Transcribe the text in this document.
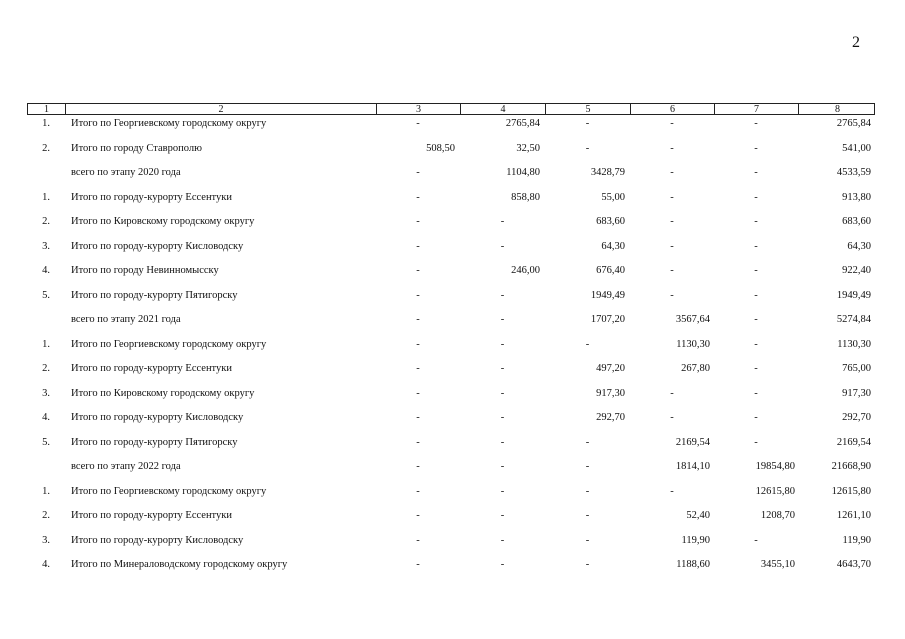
2
1	2	3	4	5	6	7	8
1.	Итого по Георгиевскому городскому округу	-	2765,84	-	-	-	2765,84
2.	Итого по городу Ставрополю	508,50	32,50	-	-	-	541,00
всего по этапу 2020 года	-	1104,80	3428,79	-	-	4533,59
1.	Итого по городу-курорту Ессентуки	-	858,80	55,00	-	-	913,80
2.	Итого по Кировскому городскому округу	-	-	683,60	-	-	683,60
3.	Итого по городу-курорту Кисловодску	-	-	64,30	-	-	64,30
4.	Итого по городу Невинномысску	-	246,00	676,40	-	-	922,40
5.	Итого по городу-курорту Пятигорску	-	-	1949,49	-	-	1949,49
всего по этапу 2021 года	-	-	1707,20	3567,64	-	5274,84
1.	Итого по Георгиевскому городскому округу	-	-	-	1130,30	-	1130,30
2.	Итого по городу-курорту Ессентуки	-	-	497,20	267,80	-	765,00
3.	Итого по Кировскому городскому округу	-	-	917,30	-	-	917,30
4.	Итого по городу-курорту Кисловодску	-	-	292,70	-	-	292,70
5.	Итого по городу-курорту Пятигорску	-	-	-	2169,54	-	2169,54
всего по этапу 2022 года	-	-	-	1814,10	19854,80	21668,90
1.	Итого по Георгиевскому городскому округу	-	-	-	-	12615,80	12615,80
2.	Итого по городу-курорту Ессентуки	-	-	-	52,40	1208,70	1261,10
3.	Итого по городу-курорту Кисловодску	-	-	-	119,90	-	119,90
4.	Итого по Минераловодскому городскому округу	-	-	-	1188,60	3455,10	4643,70
